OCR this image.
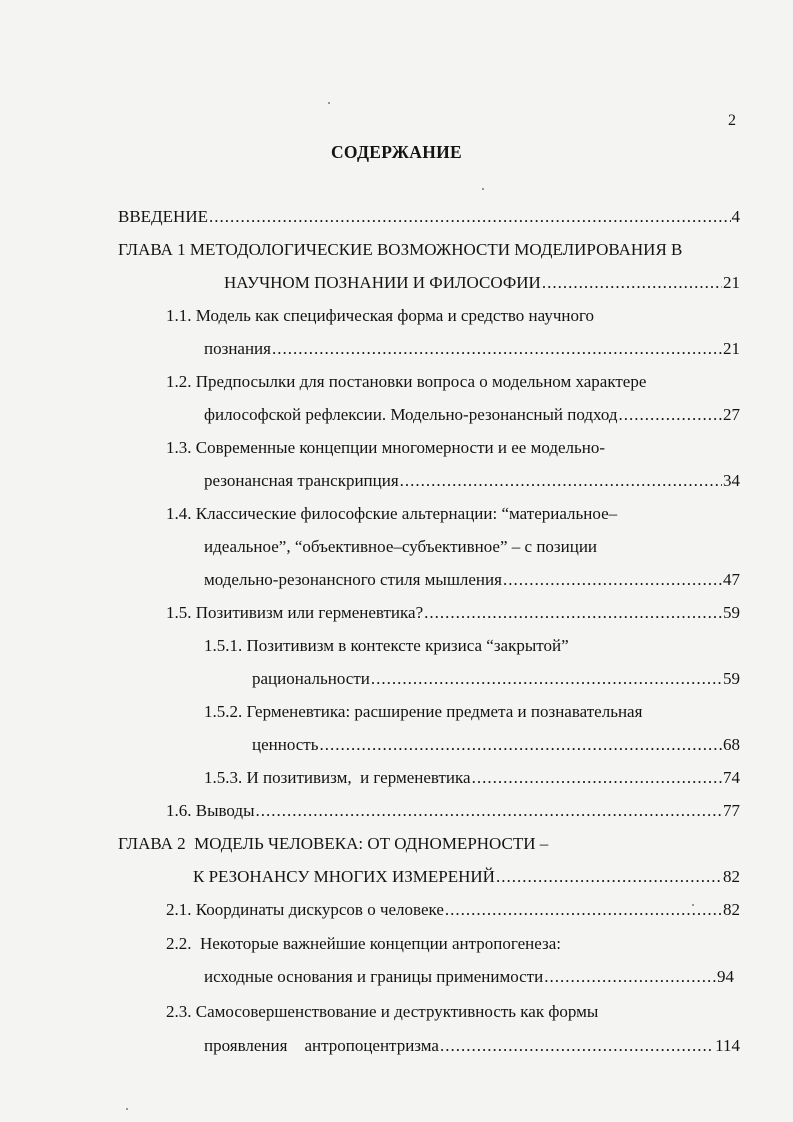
2
СОДЕРЖАНИЕ
ВВЕДЕНИЕ .....	4
ГЛАВА 1 МЕТОДОЛОГИЧЕСКИЕ ВОЗМОЖНОСТИ МОДЕЛИРОВАНИЯ В
НАУЧНОМ ПОЗНАНИИ И ФИЛОСОФИИ .....	21
1.1. Модель как специфическая форма и средство научного
познания .....	21
1.2. Предпосылки для постановки вопроса о модельном характере
философской рефлексии. Модельно-резонансный подход .....	27
1.3. Современные концепции многомерности и ее модельно-
резонансная транскрипция .....	34
1.4. Классические философские альтернации: “материальное–
идеальное”, “объективное–субъективное” – с позиции
модельно-резонансного стиля мышления .....	47
1.5. Позитивизм или герменевтика? .....	59
1.5.1. Позитивизм в контексте кризиса “закрытой”
рациональности .....	59
1.5.2. Герменевтика: расширение предмета и познавательная
ценность .....	68
1.5.3. И позитивизм,  и герменевтика .....	74
1.6. Выводы .....	77
ГЛАВА 2  МОДЕЛЬ ЧЕЛОВЕКА: ОТ ОДНОМЕРНОСТИ –
К РЕЗОНАНСУ МНОГИХ ИЗМЕРЕНИЙ .....	82
2.1. Координаты дискурсов о человеке .....	82
2.2.  Некоторые важнейшие концепции антропогенеза:
исходные основания и границы применимости .....	94
2.3. Самосовершенствование и деструктивность как формы
проявления    антропоцентризма .....	114
